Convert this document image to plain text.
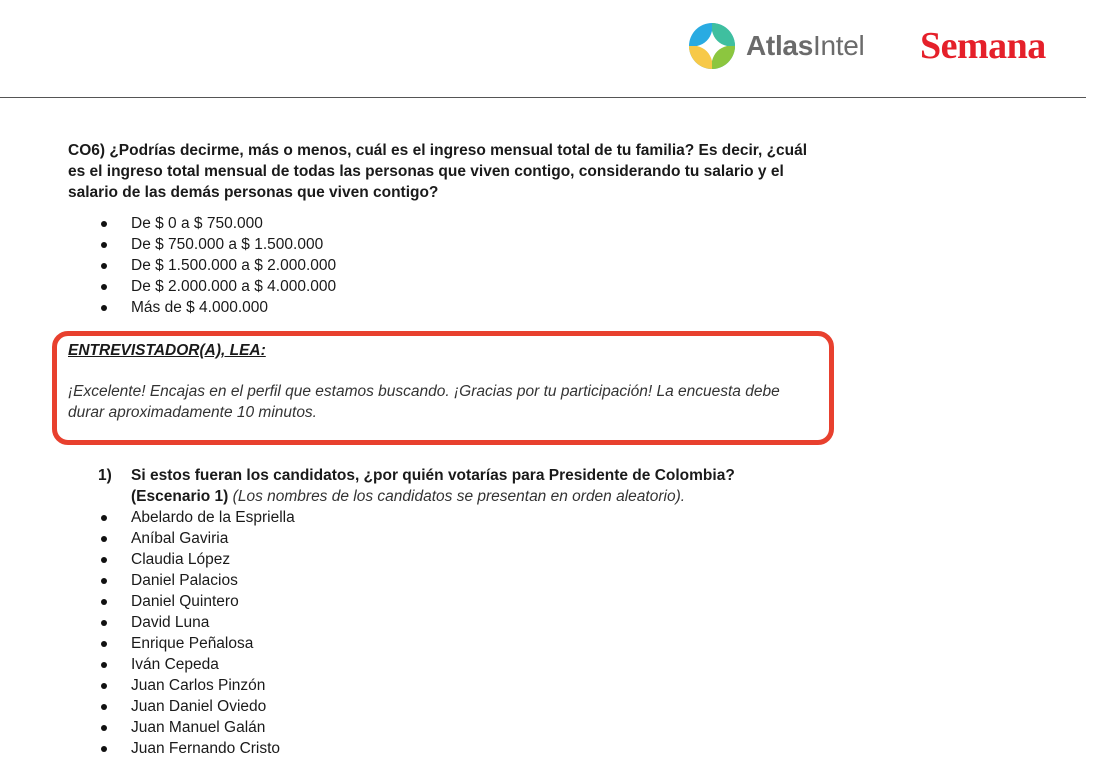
AtlasIntel Semana

CO6) ¿Podrías decirme, más o menos, cuál es el ingreso mensual total de tu familia? Es decir, ¿cuál es el ingreso total mensual de todas las personas que viven contigo, considerando tu salario y el salario de las demás personas que viven contigo?

De $ 0 a $ 750.000
De $ 750.000 a $ 1.500.000
De $ 1.500.000 a $ 2.000.000
De $ 2.000.000 a $ 4.000.000
Más de $ 4.000.000
ENTREVISTADOR(A), LEA:
¡Excelente! Encajas en el perfil que estamos buscando. ¡Gracias por tu participación! La encuesta debe durar aproximadamente 10 minutos.
1)	Si estos fueran los candidatos, ¿por quién votarías para Presidente de Colombia?
(Escenario 1) (Los nombres de los candidatos se presentan en orden aleatorio).
Abelardo de la Espriella
Aníbal Gaviria
Claudia López
Daniel Palacios
Daniel Quintero
David Luna
Enrique Peñalosa
Iván Cepeda
Juan Carlos Pinzón
Juan Daniel Oviedo
Juan Manuel Galán
Juan Fernando Cristo
